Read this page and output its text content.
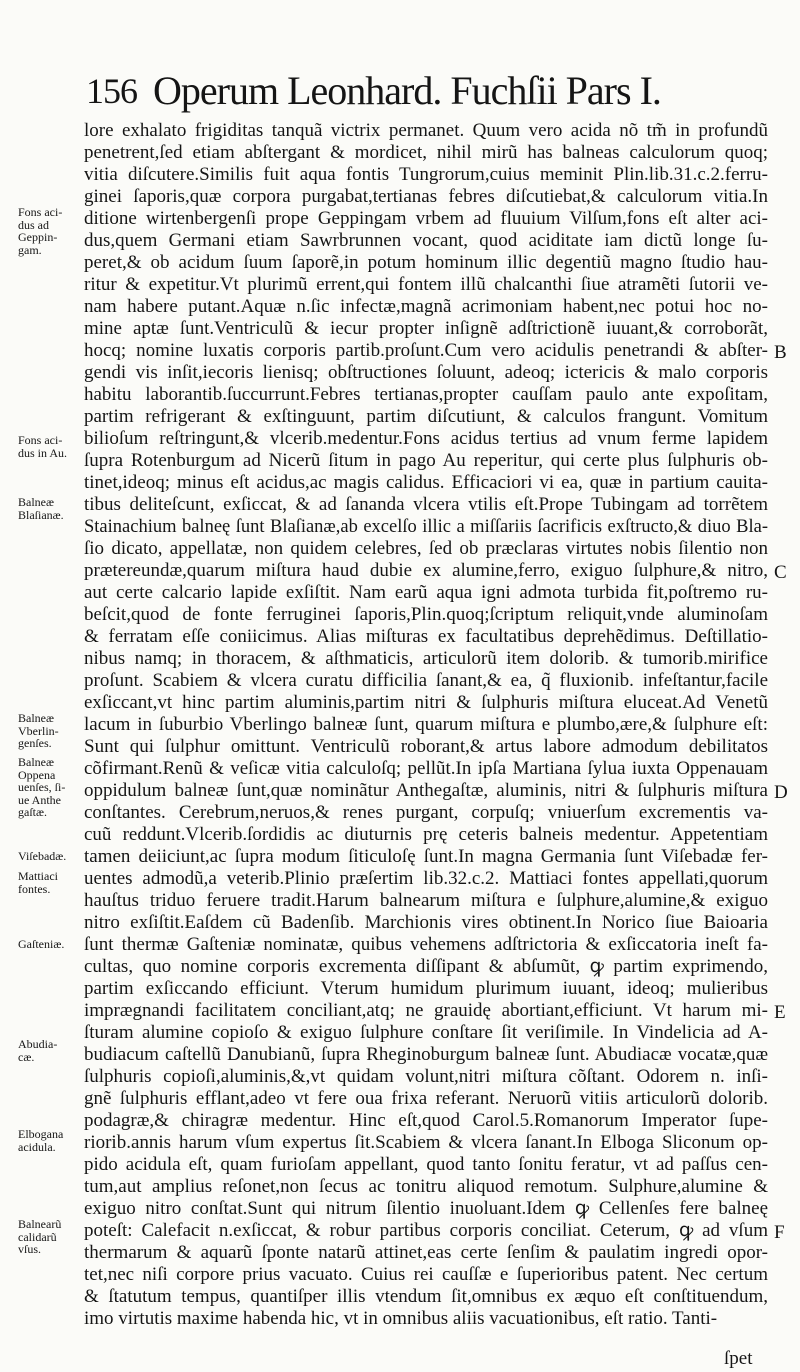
156 Operum Leonhard. Fuchſii Pars I.
lore exhalato frigiditas tanquã victrix permanet. Quum vero acida nõ tm̃ in profundũ
penetrent,ſed etiam abſtergant & mordicet, nihil mirũ has balneas calculorum quoq;
vitia diſcutere.Similis fuit aqua fontis Tungrorum,cuius meminit Plin.lib.31.c.2.ferru-
ginei ſaporis,quæ corpora purgabat,tertianas febres diſcutiebat,& calculorum vitia.In
ditione wirtenbergenſi prope Geppingam vrbem ad fluuium Vilſum,fons eſt alter aci-
dus,quem Germani etiam Sawrbrunnen vocant, quod aciditate iam dictũ longe ſu-
peret,& ob acidum ſuum ſaporẽ,in potum hominum illic degentiũ magno ſtudio hau-
ritur & expetitur.Vt plurimũ errent,qui fontem illũ chalcanthi ſiue atramẽti ſutorii ve-
nam habere putant.Aquæ n.ſic infectæ,magnã acrimoniam habent,nec potui hoc no-
mine aptæ ſunt.Ventriculũ & iecur propter inſignẽ adſtrictionẽ iuuant,& corroborãt,
hocq; nomine luxatis corporis partib.proſunt.Cum vero acidulis penetrandi & abſter-
gendi vis inſit,iecoris lienisq; obſtructiones ſoluunt, adeoq; ictericis & malo corporis
habitu laborantib.ſuccurrunt.Febres tertianas,propter cauſſam paulo ante expoſitam,
partim refrigerant & exſtinguunt, partim diſcutiunt, & calculos frangunt. Vomitum
bilioſum reſtringunt,& vlcerib.medentur.Fons acidus tertius ad vnum ferme lapidem
ſupra Rotenburgum ad Nicerũ ſitum in pago Au reperitur, qui certe plus ſulphuris ob-
tinet,ideoq; minus eſt acidus,ac magis calidus. Efficaciori vi ea, quæ in partium cauita-
tibus deliteſcunt, exſiccat, & ad ſananda vlcera vtilis eſt.Prope Tubingam ad torrẽtem
Stainachium balneę ſunt Blaſianæ,ab excelſo illic a miſſariis ſacrificis exſtructo,& diuo Bla-
ſio dicato, appellatæ, non quidem celebres, ſed ob præclaras virtutes nobis ſilentio non
prætereundæ,quarum miſtura haud dubie ex alumine,ferro, exiguo ſulphure,& nitro,
aut certe calcario lapide exſiſtit. Nam earũ aqua igni admota turbida fit,poſtremo ru-
beſcit,quod de fonte ferruginei ſaporis,Plin.quoq;ſcriptum reliquit,vnde aluminoſam
& ferratam eſſe coniicimus. Alias miſturas ex facultatibus deprehẽdimus. Deſtillatio-
nibus namq; in thoracem, & aſthmaticis, articulorũ item dolorib. & tumorib.mirifice
proſunt. Scabiem & vlcera curatu difficilia ſanant,& ea, q̃ fluxionib. infeſtantur,facile
exſiccant,vt hinc partim aluminis,partim nitri & ſulphuris miſtura eluceat.Ad Venetũ
lacum in ſuburbio Vberlingo balneæ ſunt, quarum miſtura e plumbo,ære,& ſulphure eſt:
Sunt qui ſulphur omittunt. Ventriculũ roborant,& artus labore admodum debilitatos
cõfirmant.Renũ & veſicæ vitia calculoſq; pellũt.In ipſa Martiana ſylua iuxta Oppenauam
oppidulum balneæ ſunt,quæ nominãtur Anthegaſtæ, aluminis, nitri & ſulphuris miſtura
conſtantes. Cerebrum,neruos,& renes purgant, corpuſq; vniuerſum excrementis va-
cuũ reddunt.Vlcerib.ſordidis ac diuturnis prę ceteris balneis medentur. Appetentiam
tamen deiiciunt,ac ſupra modum ſiticuloſę ſunt.In magna Germania ſunt Viſebadæ fer-
uentes admodũ,a veterib.Plinio præſertim lib.32.c.2. Mattiaci fontes appellati,quorum
hauſtus triduo feruere tradit.Harum balnearum miſtura e ſulphure,alumine,& exiguo
nitro exſiſtit.Eaſdem cũ Badenſib. Marchionis vires obtinent.In Norico ſiue Baioaria
ſunt thermæ Gaſteniæ nominatæ, quibus vehemens adſtrictoria & exſiccatoria ineſt fa-
cultas, quo nomine corporis excrementa diſſipant & abſumũt, ꝙ partim exprimendo,
partim exſiccando efficiunt. Vterum humidum plurimum iuuant, ideoq; mulieribus
imprægnandi facilitatem conciliant,atq; ne grauidę abortiant,efficiunt. Vt harum mi-
ſturam alumine copioſo & exiguo ſulphure conſtare ſit veriſimile. In Vindelicia ad A-
budiacum caſtellũ Danubianũ, ſupra Rheginoburgum balneæ ſunt. Abudiacæ vocatæ,quæ
ſulphuris copioſi,aluminis,&,vt quidam volunt,nitri miſtura cõſtant. Odorem n. inſi-
gnẽ ſulphuris efflant,adeo vt fere oua frixa referant. Neruorũ vitiis articulorũ dolorib.
podagræ,& chiragræ medentur. Hinc eſt,quod Carol.5.Romanorum Imperator ſupe-
riorib.annis harum vſum expertus ſit.Scabiem & vlcera ſanant.In Elboga Sliconum op-
pido acidula eſt, quam furioſam appellant, quod tanto ſonitu feratur, vt ad paſſus cen-
tum,aut amplius reſonet,non ſecus ac tonitru aliquod remotum. Sulphure,alumine &
exiguo nitro conſtat.Sunt qui nitrum ſilentio inuoluant.Idem ꝙ Cellenſes fere balneę
poteſt: Calefacit n.exſiccat, & robur partibus corporis conciliat. Ceterum, ꝙ ad vſum
thermarum & aquarũ ſponte natarũ attinet,eas certe ſenſim & paulatim ingredi opor-
tet,nec niſi corpore prius vacuato. Cuius rei cauſſæ e ſuperioribus patent. Nec certum
& ſtatutum tempus, quantiſper illis vtendum ſit,omnibus ex æquo eſt conſtituendum,
imo virtutis maxime habenda hic, vt in omnibus aliis vacuationibus, eſt ratio. Tanti-
Fons aci-
dus ad
Geppin-
gam.
Fons aci-
dus in Au.
Balneæ
Blaſianæ.
Balneæ
Vberlin-
genſes.
Balneæ
Oppena
uenſes, ſi-
ue Anthe
gaſtæ.
Viſebadæ.
Mattiaci
fontes.
Gaſteniæ.
Abudia-
cæ.
Elbogana
acidula.
Balnearũ
calidarũ
vſus.
B
C
D
E
F
ſpet
